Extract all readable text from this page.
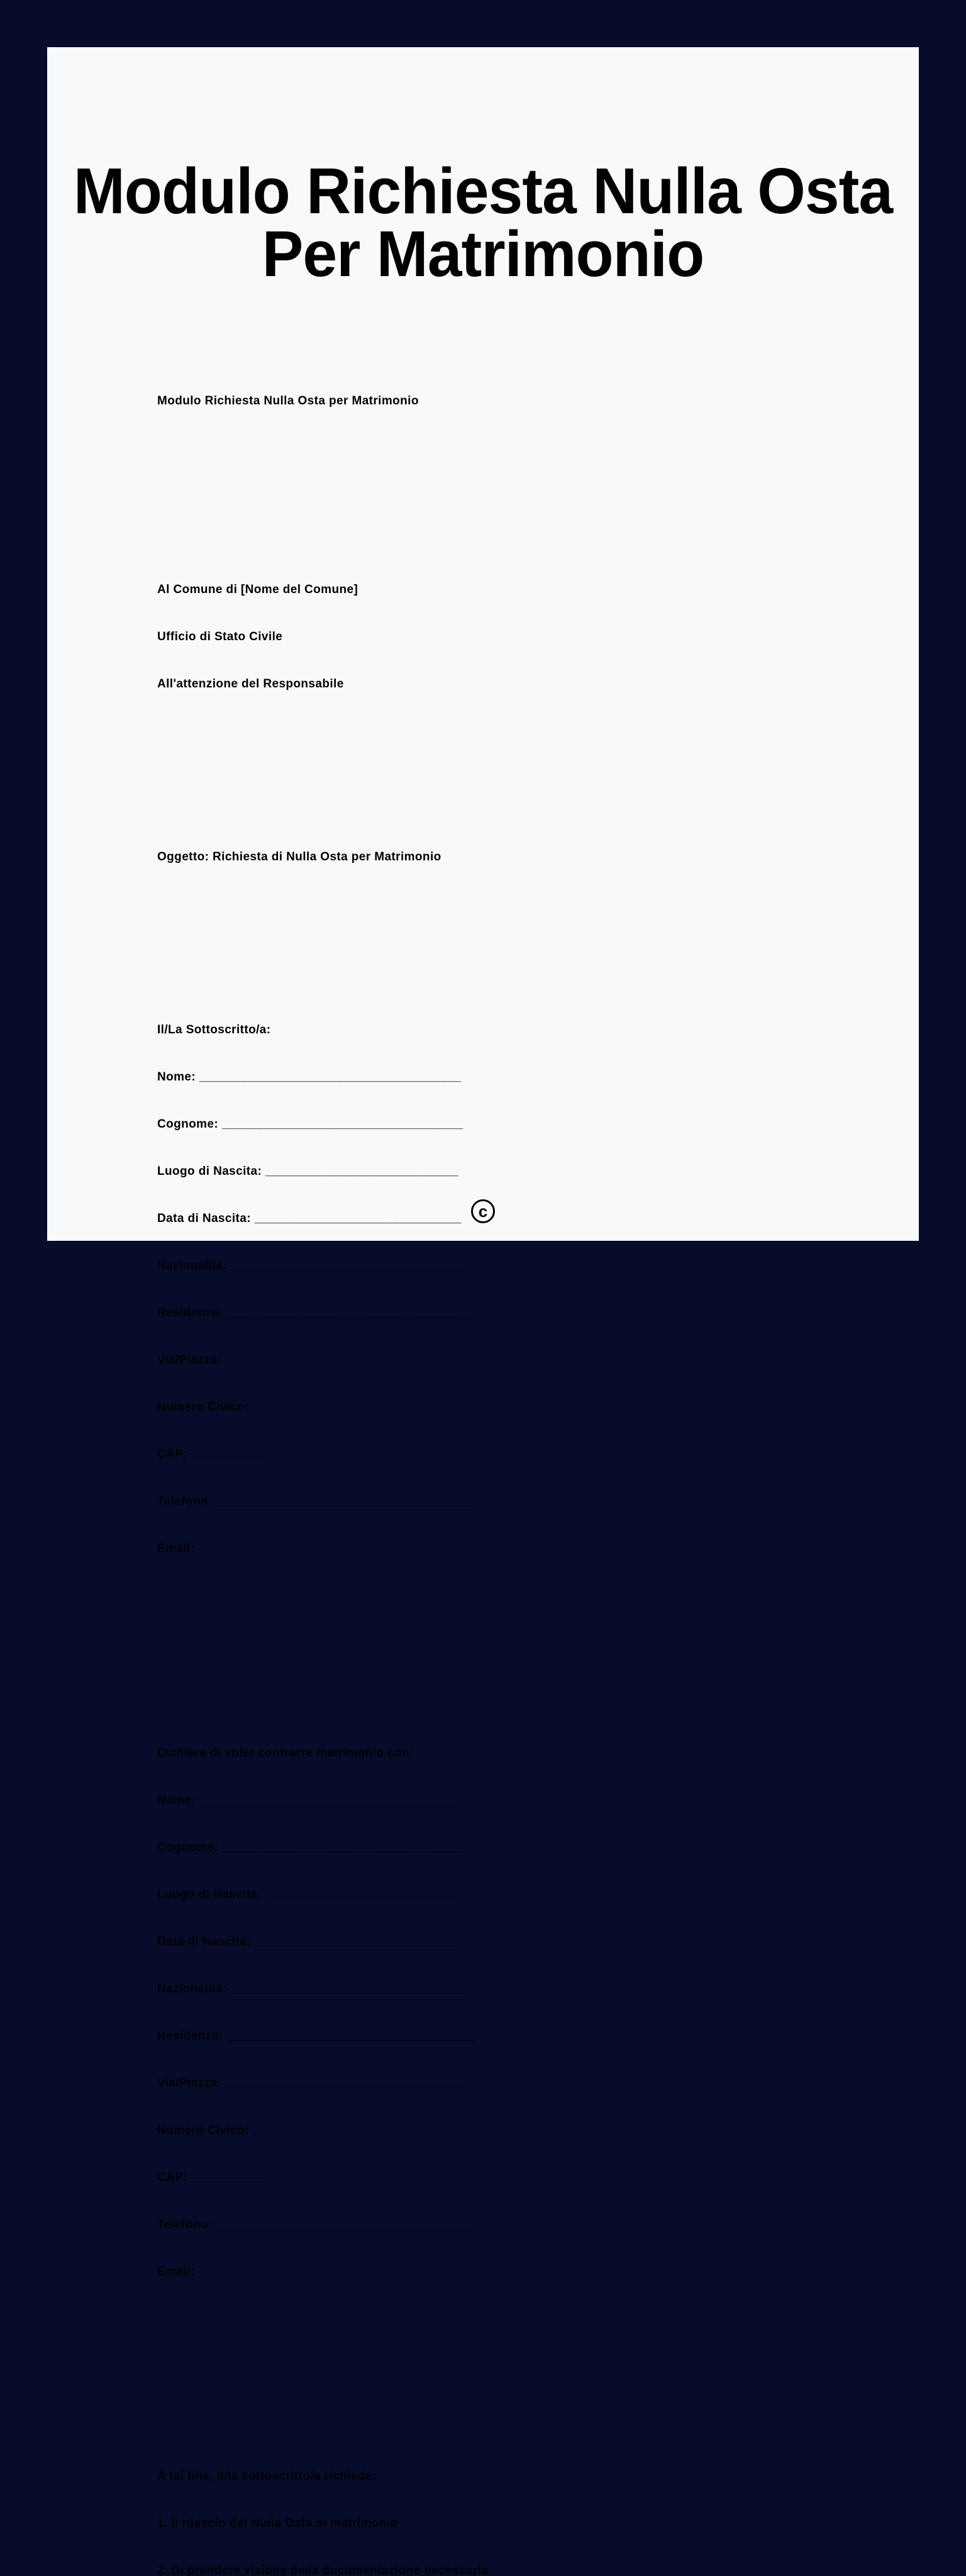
Modulo Richiesta Nulla Osta
Per Matrimonio

Modulo Richiesta Nulla Osta per Matrimonio

Al Comune di [Nome del Comune]

Ufficio di Stato Civile

All'attenzione del Responsabile

Oggetto: Richiesta di Nulla Osta per Matrimonio

Il/La Sottoscritto/a:

Nome: ______________________________________

Cognome: ___________________________________

Luogo di Nascita: ____________________________

Data di Nascita: ______________________________

Nazionalità: __________________________________

Residenza: ____________________________________

Via/Piazza: ___________________________________

Numero Civico: ________________________________

CAP: ___________

Telefono: _____________________________________

Email: ________________________________________

Dichiara di voler contrarre matrimonio con:

Nome: ______________________________________

Cognome: ___________________________________

Luogo di Nascita: ____________________________

Data di Nascita: ______________________________

Nazionalità: __________________________________

Residenza: ____________________________________

Via/Piazza: ___________________________________

Numero Civico: ________________________________

CAP: ___________

Telefono: _____________________________________

Email: ________________________________________

A tal fine, il/la sottoscritto/a richiede:

1. Il rilascio del Nulla Osta al matrimonio

2. Di prendere visione della documentazione necessaria

c
